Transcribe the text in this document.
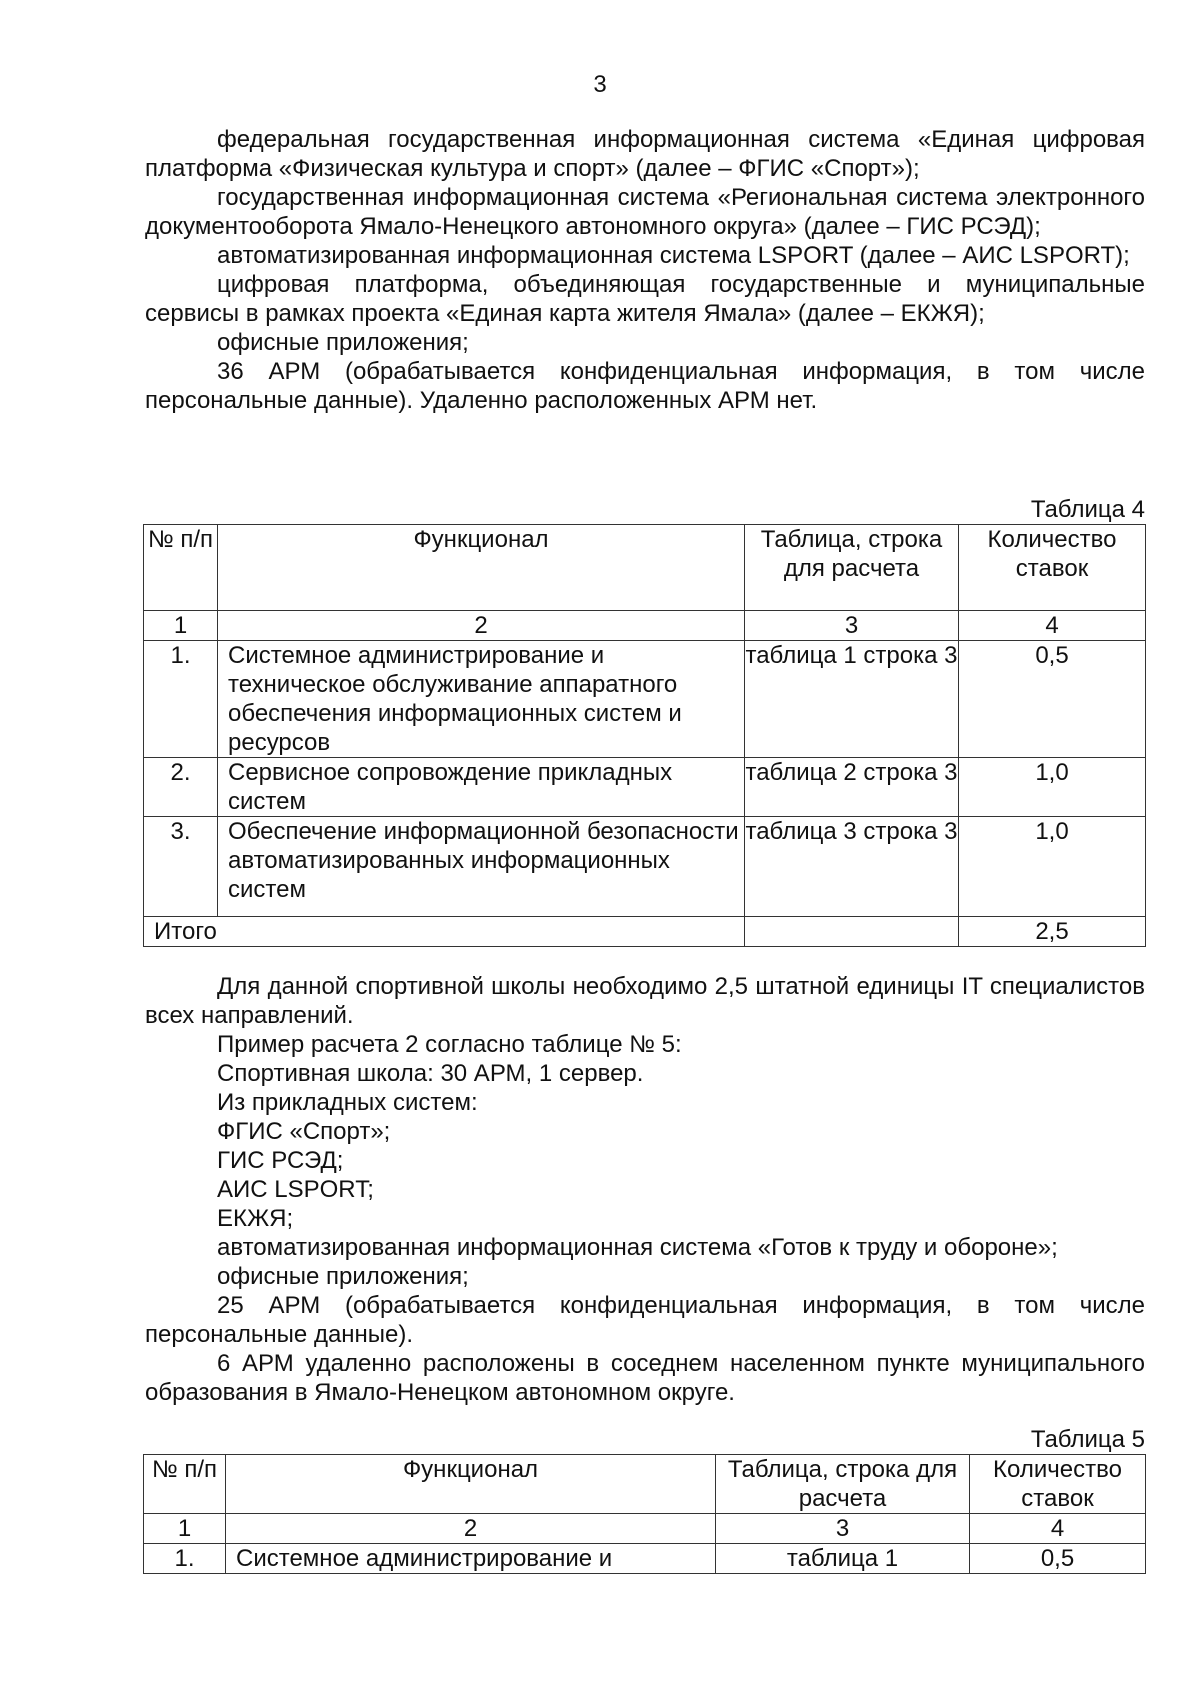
3

федеральная государственная информационная система «Единая цифровая платформа «Физическая культура и спорт» (далее – ФГИС «Спорт»);

государственная информационная система «Региональная система электронного документооборота Ямало-Ненецкого автономного округа» (далее – ГИС РСЭД);

автоматизированная информационная система LSPORT (далее – АИС LSPORT);

цифровая платформа, объединяющая государственные и муниципальные сервисы в рамках проекта «Единая карта жителя Ямала» (далее – ЕКЖЯ);

офисные приложения;

36 АРМ (обрабатывается конфиденциальная информация, в том числе персональные данные). Удаленно расположенных АРМ нет.

Таблица 4
№ п/п	Функционал	Таблица, строка для расчета	Количество ставок
1	2	3	4
1.	Системное администрирование и техническое обслуживание аппаратного обеспечения информационных систем и ресурсов	таблица 1 строка 3	0,5
2.	Сервисное сопровождение прикладных систем	таблица 2 строка 3	1,0
3.	Обеспечение информационной безопасности автоматизированных информационных систем	таблица 3 строка 3	1,0
Итого			2,5

Для данной спортивной школы необходимо 2,5 штатной единицы IT специалистов всех направлений.

Пример расчета 2 согласно таблице № 5:

Спортивная школа: 30 АРМ, 1 сервер.

Из прикладных систем:

ФГИС «Спорт»;

ГИС РСЭД;

АИС LSPORT;

ЕКЖЯ;

автоматизированная информационная система «Готов к труду и обороне»;

офисные приложения;

25 АРМ (обрабатывается конфиденциальная информация, в том числе персональные данные).

6 АРМ удаленно расположены в соседнем населенном пункте муниципального образования в Ямало-Ненецком автономном округе.

Таблица 5
№ п/п	Функционал	Таблица, строка для расчета	Количество ставок
1	2	3	4
1.	Системное администрирование и	таблица 1	0,5
